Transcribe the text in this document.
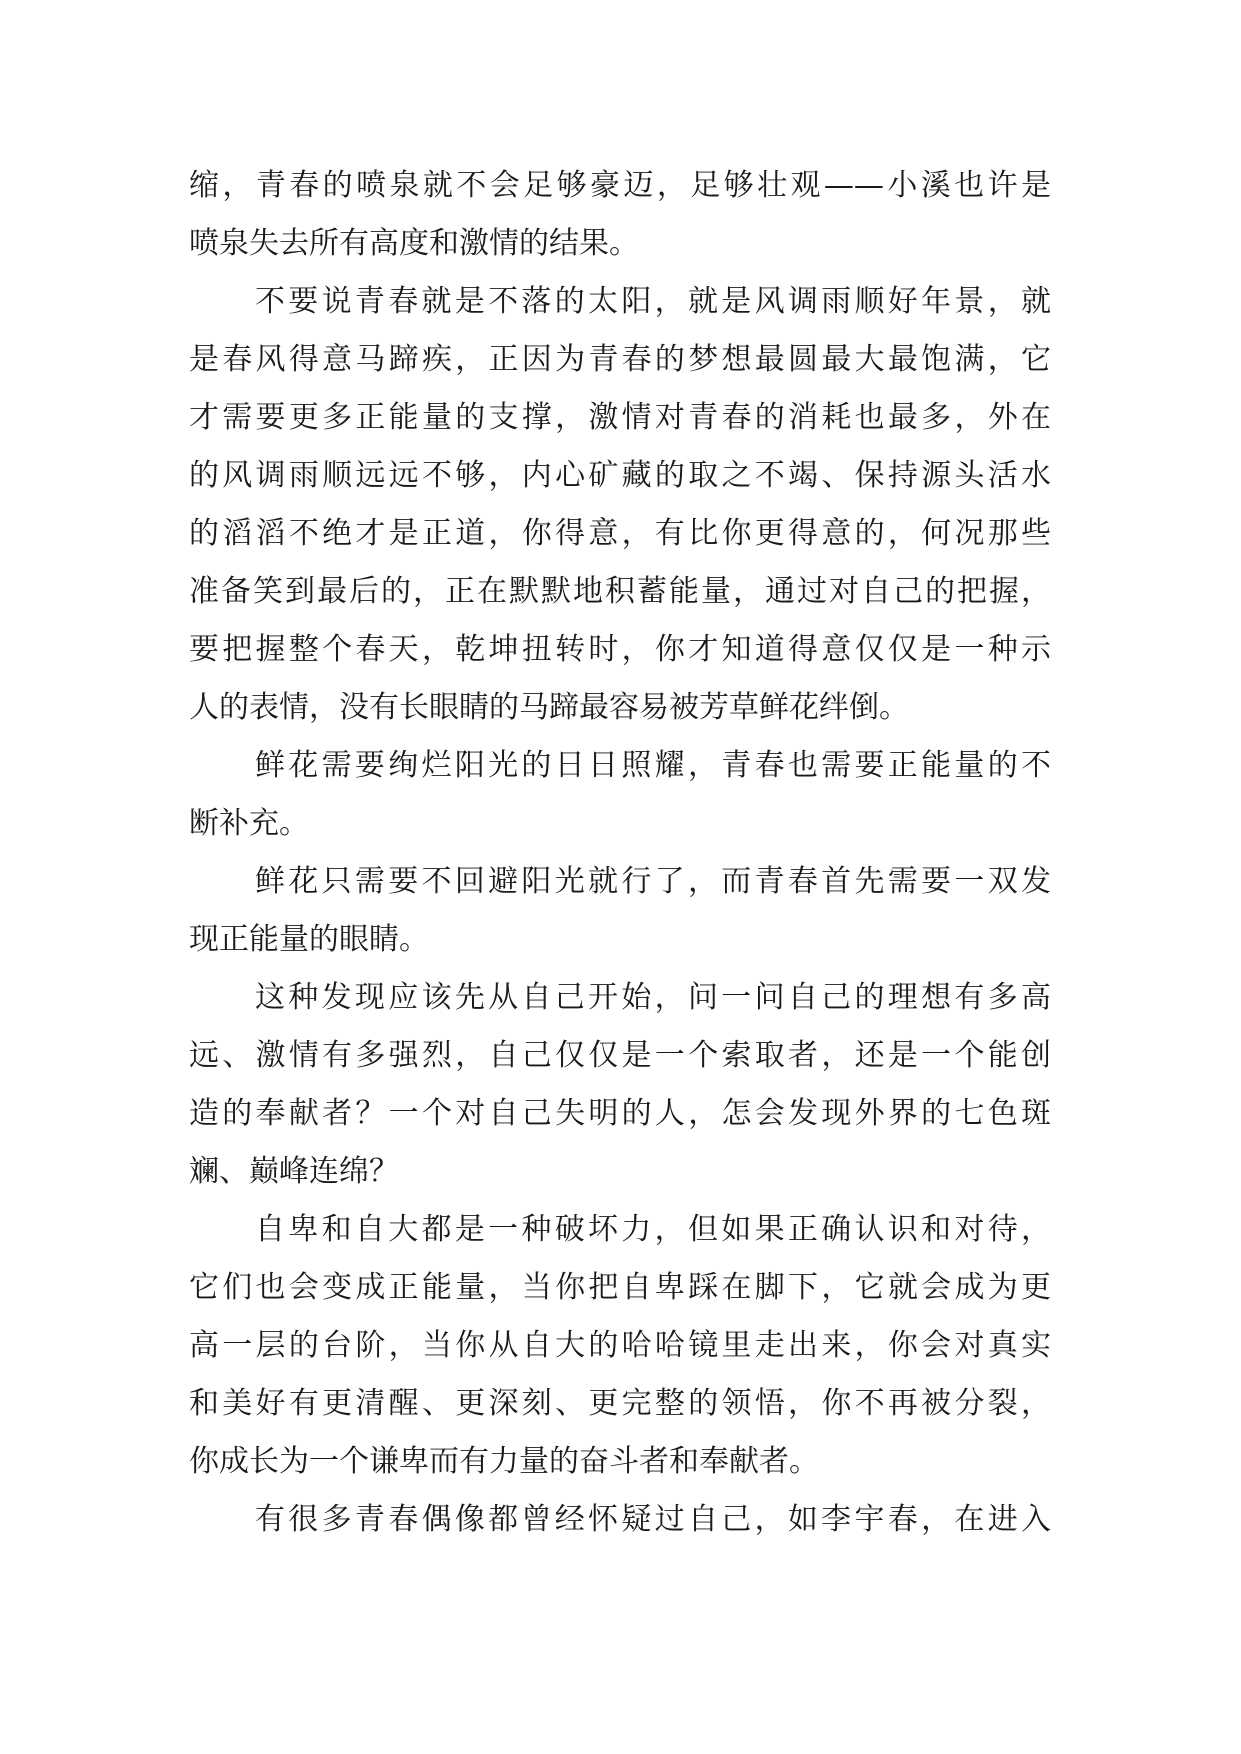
缩，青春的喷泉就不会足够豪迈，足够壮观——小溪也许是
喷泉失去所有高度和激情的结果。
不要说青春就是不落的太阳，就是风调雨顺好年景，就
是春风得意马蹄疾，正因为青春的梦想最圆最大最饱满，它
才需要更多正能量的支撑，激情对青春的消耗也最多，外在
的风调雨顺远远不够，内心矿藏的取之不竭、保持源头活水
的滔滔不绝才是正道，你得意，有比你更得意的，何况那些
准备笑到最后的，正在默默地积蓄能量，通过对自己的把握，
要把握整个春天，乾坤扭转时，你才知道得意仅仅是一种示
人的表情，没有长眼睛的马蹄最容易被芳草鲜花绊倒。
鲜花需要绚烂阳光的日日照耀，青春也需要正能量的不
断补充。
鲜花只需要不回避阳光就行了，而青春首先需要一双发
现正能量的眼睛。
这种发现应该先从自己开始，问一问自己的理想有多高
远、激情有多强烈，自己仅仅是一个索取者，还是一个能创
造的奉献者？一个对自己失明的人，怎会发现外界的七色斑
斓、巅峰连绵？
自卑和自大都是一种破坏力，但如果正确认识和对待，
它们也会变成正能量，当你把自卑踩在脚下，它就会成为更
高一层的台阶，当你从自大的哈哈镜里走出来，你会对真实
和美好有更清醒、更深刻、更完整的领悟，你不再被分裂，
你成长为一个谦卑而有力量的奋斗者和奉献者。
有很多青春偶像都曾经怀疑过自己，如李宇春，在进入
